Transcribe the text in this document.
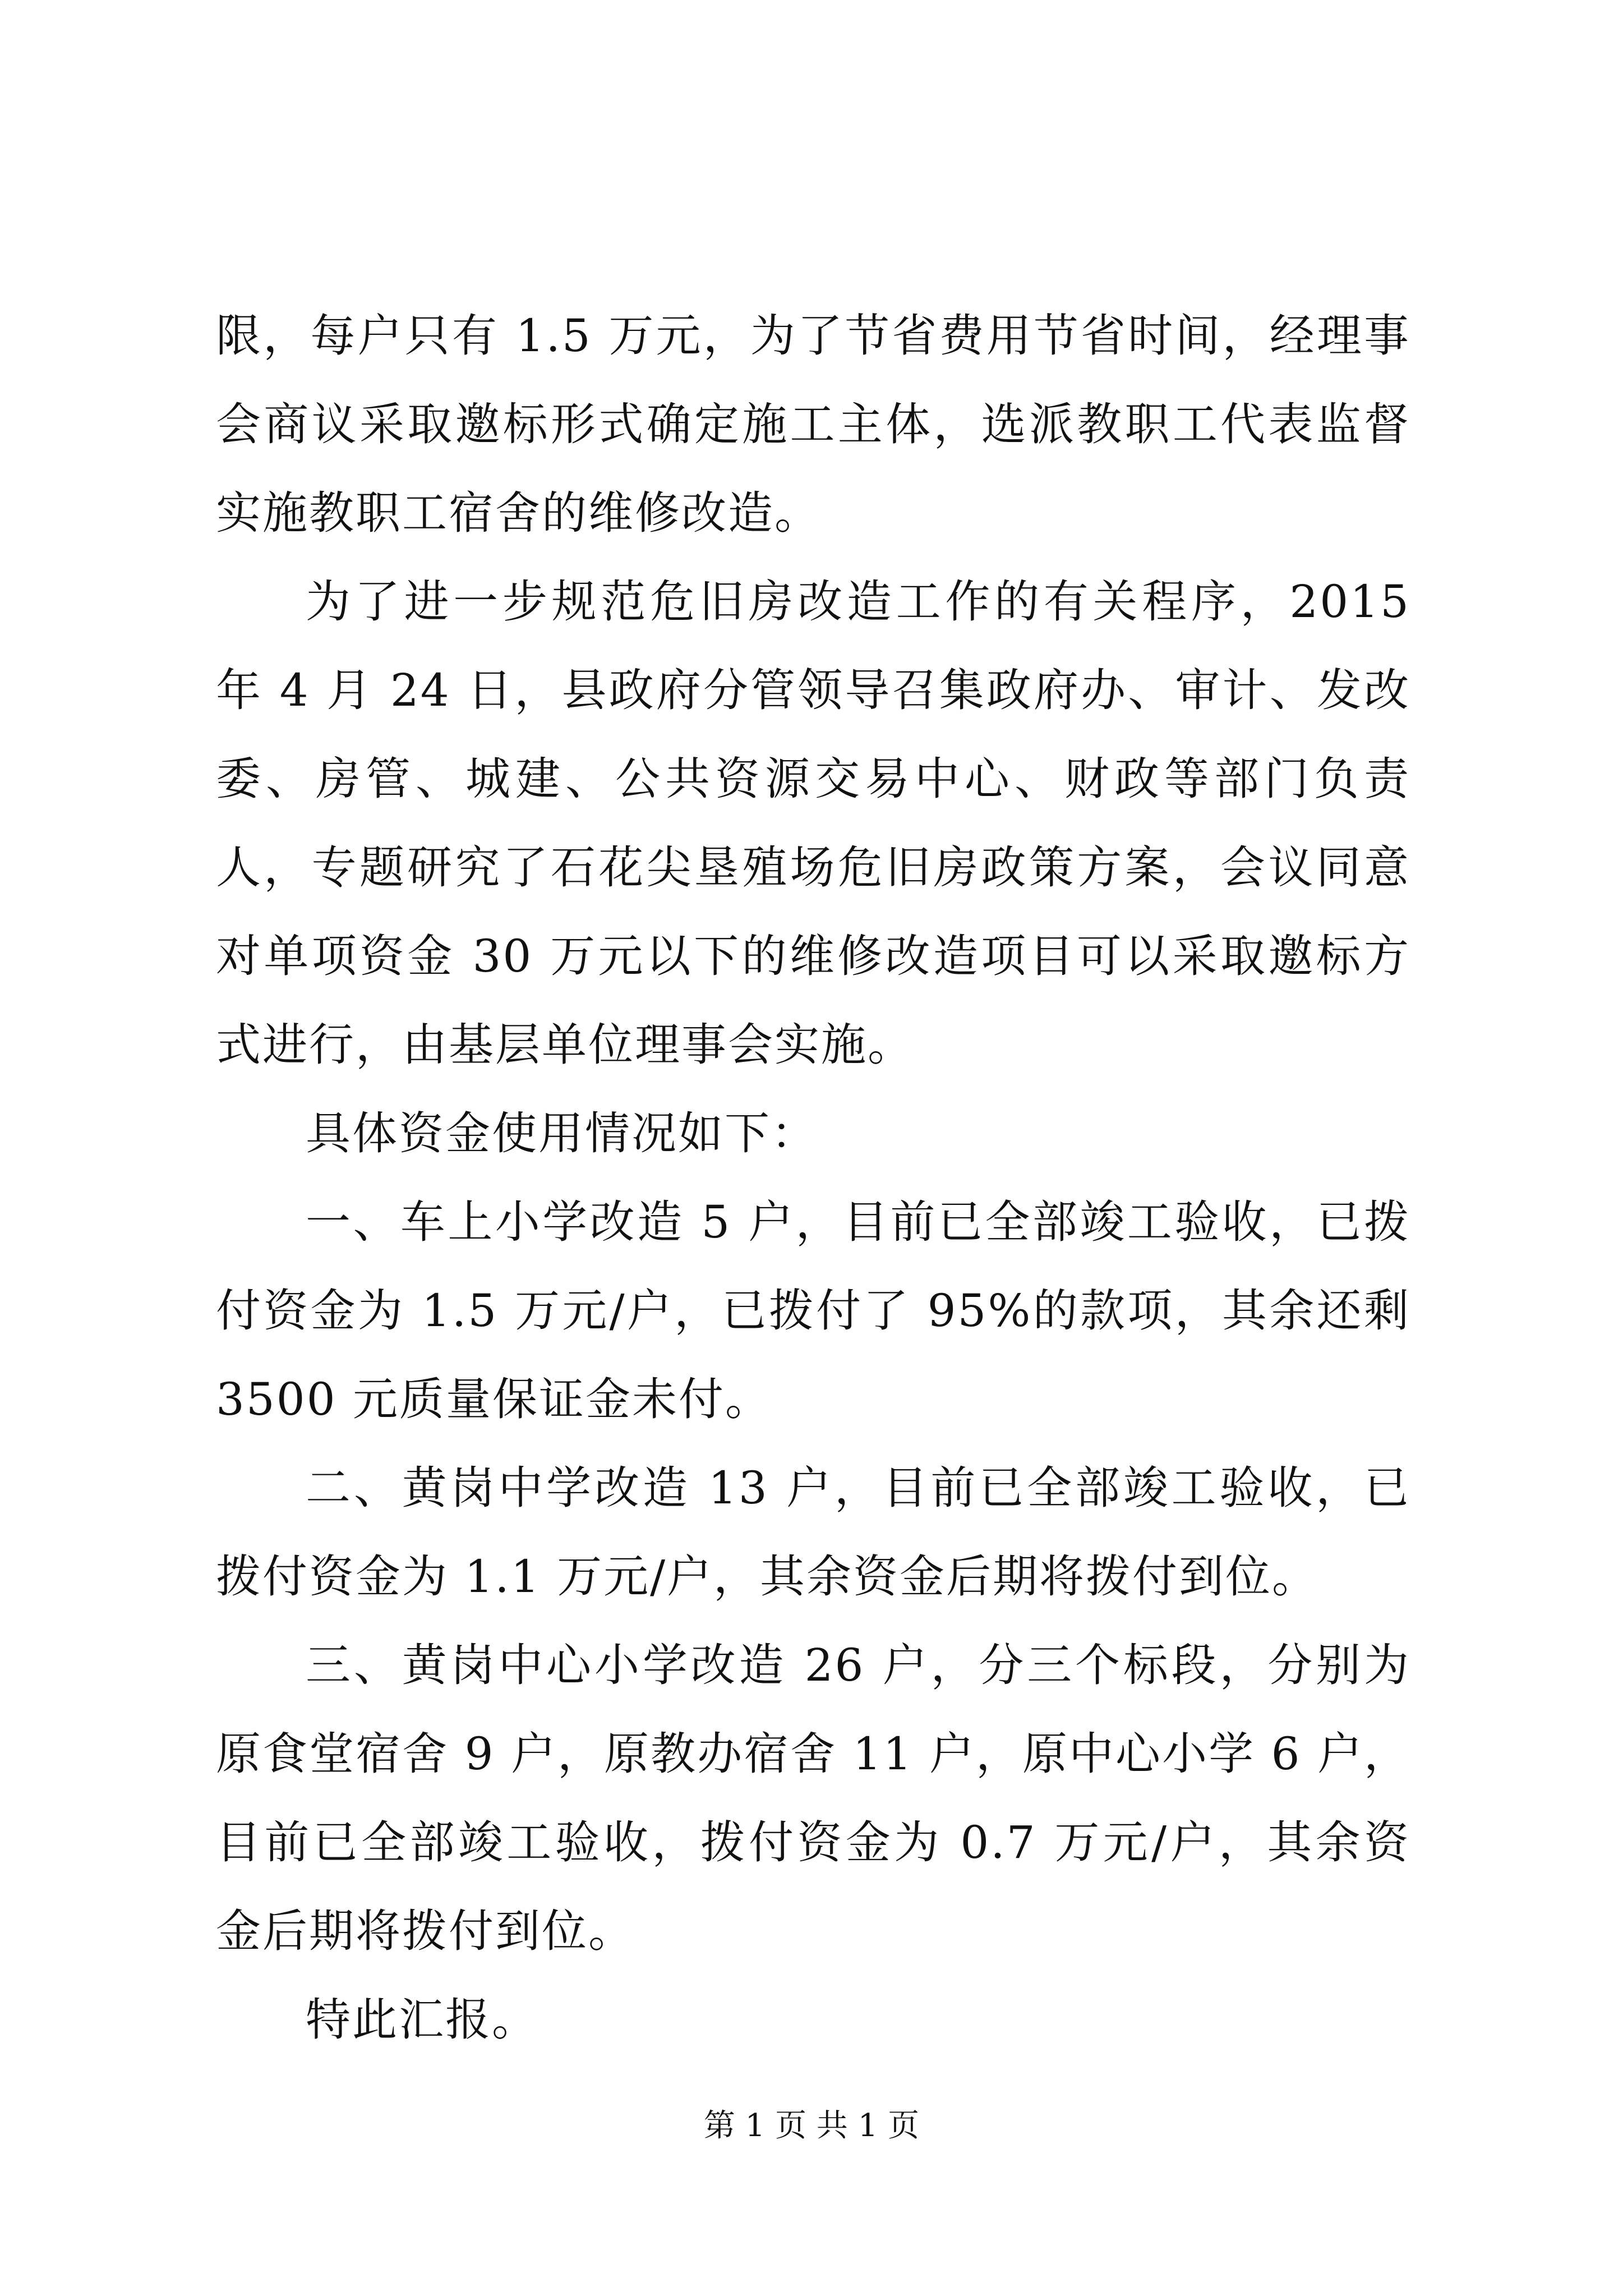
限，每户只有 1.5 万元，为了节省费用节省时间，经理事会商议采取邀标形式确定施工主体，选派教职工代表监督实施教职工宿舍的维修改造。

为了进一步规范危旧房改造工作的有关程序，2015 年 4 月 24 日，县政府分管领导召集政府办、审计、发改委、房管、城建、公共资源交易中心、财政等部门负责人，专题研究了石花尖垦殖场危旧房政策方案，会议同意对单项资金 30 万元以下的维修改造项目可以采取邀标方式进行，由基层单位理事会实施。

具体资金使用情况如下：

一、车上小学改造 5 户，目前已全部竣工验收，已拨付资金为 1.5 万元/户，已拨付了 95%的款项，其余还剩 3500 元质量保证金未付。

二、黄岗中学改造 13 户，目前已全部竣工验收，已拨付资金为 1.1 万元/户，其余资金后期将拨付到位。

三、黄岗中心小学改造 26 户，分三个标段，分别为原食堂宿舍 9 户，原教办宿舍 11 户，原中心小学 6 户，目前已全部竣工验收，拨付资金为 0.7 万元/户，其余资金后期将拨付到位。

特此汇报。

第 1 页 共 1 页
